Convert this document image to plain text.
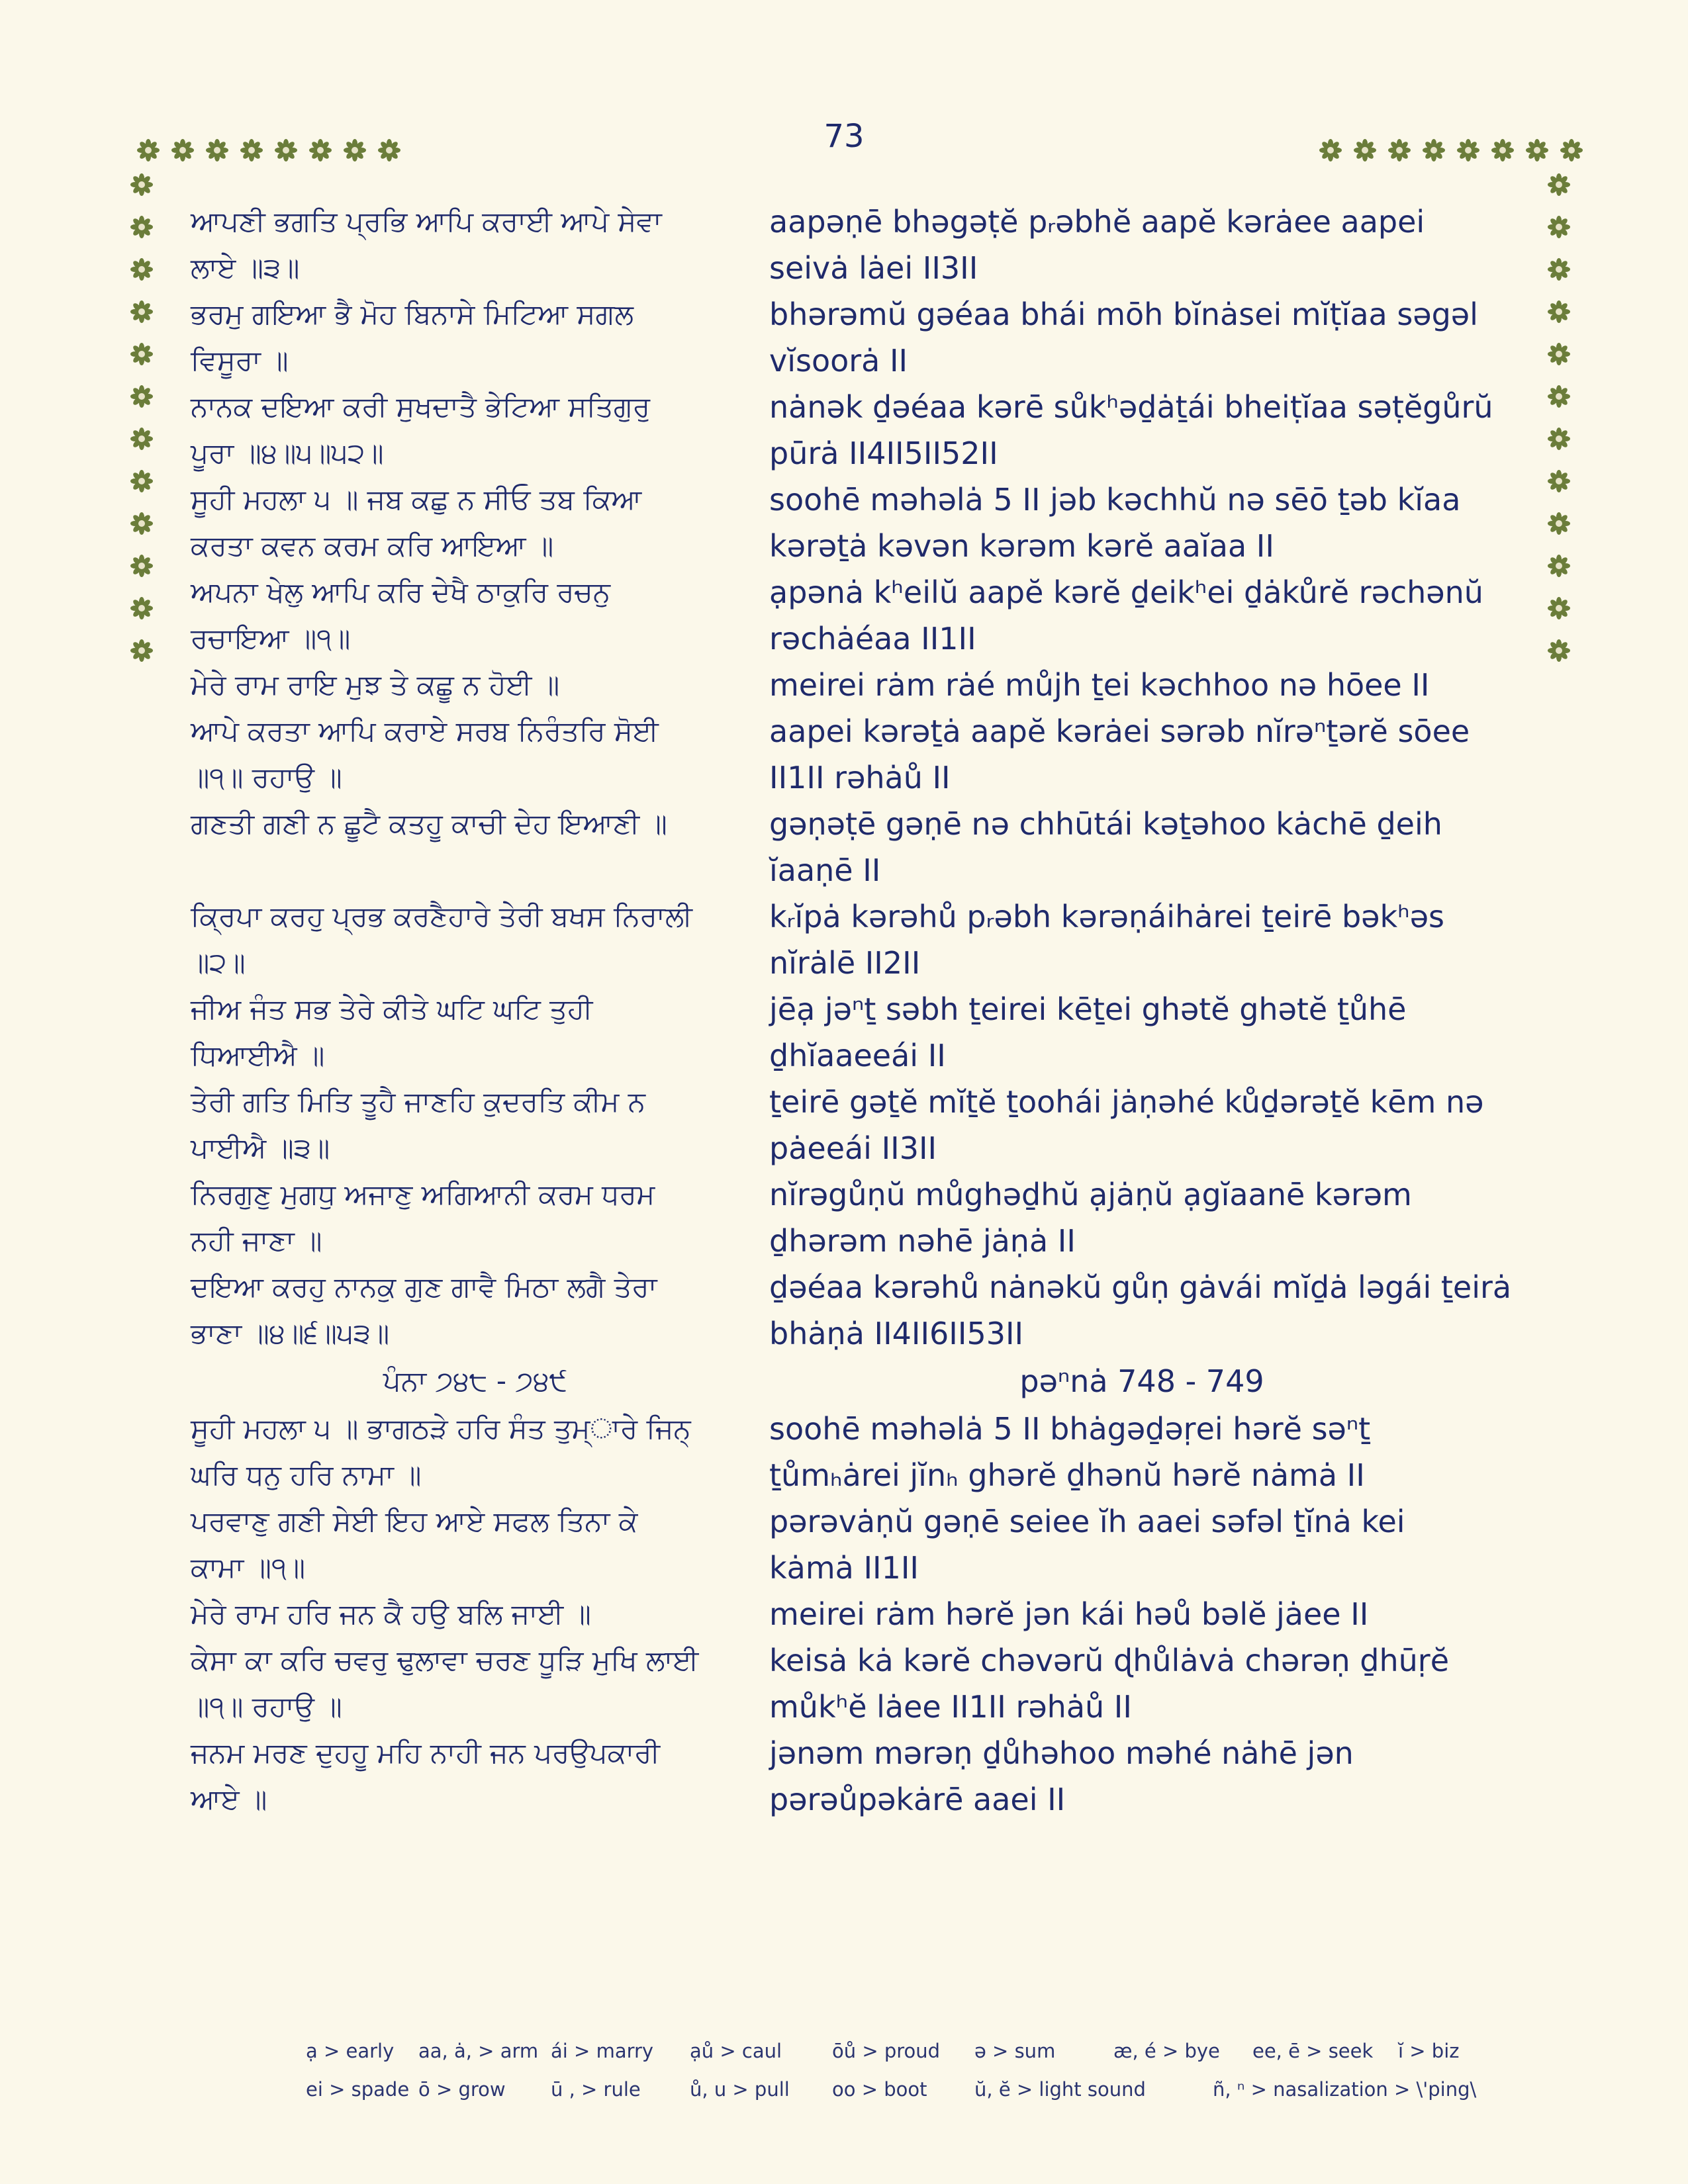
73
ਆਪਣੀ ਭਗਤਿ ਪ੍ਰਭਿ ਆਪਿ ਕਰਾਈ ਆਪੇ ਸੇਵਾ
ਲਾਏ ॥੩॥
aapəṇē bhəgəṭĕ pᵣəbhĕ aapĕ kərȧee aapei
seivȧ lȧei II3II
ਭਰਮੁ ਗਇਆ ਭੈ ਮੋਹ ਬਿਨਾਸੇ ਮਿਟਿਆ ਸਗਲ
ਵਿਸੂਰਾ ॥
bhərəmŭ gəéaa bhái mōh bĭnȧsei mĭṭĭaa səgəl
vĭsoorȧ II
ਨਾਨਕ ਦਇਆ ਕਰੀ ਸੁਖਦਾਤੈ ਭੇਟਿਆ ਸਤਿਗੁਰੁ
ਪੂਰਾ ॥੪॥੫॥੫੨॥
nȧnək ḏəéaa kərē sůkʰəḏȧṯái bheiṭĭaa səṭĕgůrŭ
pūrȧ II4II5II52II
ਸੂਹੀ ਮਹਲਾ ੫ ॥ ਜਬ ਕਛੁ ਨ ਸੀਓ ਤਬ ਕਿਆ
ਕਰਤਾ ਕਵਨ ਕਰਮ ਕਰਿ ਆਇਆ ॥
soohē məhəlȧ 5 II jəb kəchhŭ nə sēō ṯəb kĭaa
kərəṯȧ kəvən kərəm kərĕ aaĭaa II
ਅਪਨਾ ਖੇਲੁ ਆਪਿ ਕਰਿ ਦੇਖੈ ਠਾਕੁਰਿ ਰਚਨੁ
ਰਚਾਇਆ ॥੧॥
ạpənȧ kʰeilŭ aapĕ kərĕ ḏeikʰei ḏȧkůrĕ rəchənŭ
rəchȧéaa II1II
ਮੇਰੇ ਰਾਮ ਰਾਇ ਮੁਝ ਤੇ ਕਛੂ ਨ ਹੋਈ ॥	meirei rȧm rȧé můjh ṯei kəchhoo nə hōee II
ਆਪੇ ਕਰਤਾ ਆਪਿ ਕਰਾਏ ਸਰਬ ਨਿਰੰਤਰਿ ਸੋਈ
॥੧॥ ਰਹਾਉ ॥
aapei kərəṯȧ aapĕ kərȧei sərəb nĭrəⁿṯərĕ sōee
II1II rəhȧů II
ਗਣਤੀ ਗਣੀ ਨ ਛੂਟੈ ਕਤਹੂ ਕਾਚੀ ਦੇਹ ਇਆਣੀ ॥
	gəṇəṭē gəṇē nə chhūtái kəṯəhoo kȧchē ḏeih
ĭaaṇē II
ਕ੍ਰਿਪਾ ਕਰਹੁ ਪ੍ਰਭ ਕਰਣੈਹਾਰੇ ਤੇਰੀ ਬਖਸ ਨਿਰਾਲੀ
॥੨॥
kᵣĭpȧ kərəhů pᵣəbh kərəṇáihȧrei ṯeirē bəkʰəs
nĭrȧlē II2II
ਜੀਅ ਜੰਤ ਸਭ ਤੇਰੇ ਕੀਤੇ ਘਟਿ ਘਟਿ ਤੁਹੀ
ਧਿਆਈਐ ॥
jēạ jəⁿṯ səbh ṯeirei kēṯei ghətĕ ghətĕ ṯůhē
ḏhĭaaeeái II
ਤੇਰੀ ਗਤਿ ਮਿਤਿ ਤੂਹੈ ਜਾਣਹਿ ਕੁਦਰਤਿ ਕੀਮ ਨ
ਪਾਈਐ ॥੩॥
ṯeirē gəṯĕ mĭṯĕ ṯoohái jȧṇəhé kůḏərəṯĕ kēm nə
pȧeeái II3II
ਨਿਰਗੁਣੁ ਮੁਗਧੁ ਅਜਾਣੁ ਅਗਿਆਨੀ ਕਰਮ ਧਰਮ
ਨਹੀ ਜਾਣਾ ॥
nĭrəgůṇŭ můghəḏhŭ ạjȧṇŭ ạgĭaanē kərəm
ḏhərəm nəhē jȧṇȧ II
ਦਇਆ ਕਰਹੁ ਨਾਨਕੁ ਗੁਣ ਗਾਵੈ ਮਿਠਾ ਲਗੈ ਤੇਰਾ
ਭਾਣਾ ॥੪॥੬॥੫੩॥
ḏəéaa kərəhů nȧnəkŭ gůṇ gȧvái mĭḏȧ ləgái ṯeirȧ
bhȧṇȧ II4II6II53II
ਪੰਨਾ ੭੪੮ - ੭੪੯	pəⁿnȧ 748 - 749
ਸੂਹੀ ਮਹਲਾ ੫ ॥ ਭਾਗਠੜੇ ਹਰਿ ਸੰਤ ਤੁਮ੍ਾਰੇ ਜਿਨ੍
ਘਰਿ ਧਨੁ ਹਰਿ ਨਾਮਾ ॥
soohē məhəlȧ 5 II bhȧgəḏəṛei hərĕ səⁿṯ
ṯůmₕȧrei jĭnₕ ghərĕ ḏhənŭ hərĕ nȧmȧ II
ਪਰਵਾਣੁ ਗਣੀ ਸੇਈ ਇਹ ਆਏ ਸਫਲ ਤਿਨਾ ਕੇ
ਕਾਮਾ ॥੧॥
pərəvȧṇŭ gəṇē seiee ĭh aaei səfəl ṯĭnȧ kei
kȧmȧ II1II
ਮੇਰੇ ਰਾਮ ਹਰਿ ਜਨ ਕੈ ਹਉ ਬਲਿ ਜਾਈ ॥	meirei rȧm hərĕ jən kái həů bəlĕ jȧee II
ਕੇਸਾ ਕਾ ਕਰਿ ਚਵਰੁ ਢੁਲਾਵਾ ਚਰਣ ਧੂੜਿ ਮੁਖਿ ਲਾਈ
॥੧॥ ਰਹਾਉ ॥
keisȧ kȧ kərĕ chəvərŭ ɖhůlȧvȧ chərəṇ ḏhūṛĕ
můkʰĕ lȧee II1II rəhȧů II
ਜਨਮ ਮਰਣ ਦੁਹਹੂ ਮਹਿ ਨਾਹੀ ਜਨ ਪਰਉਪਕਾਰੀ
ਆਏ ॥
jənəm mərəṇ ḏůhəhoo məhé nȧhē jən
pərəůpəkȧrē aaei II
ạ > early aa, ȧ, > arm ái > marry ạů > caul	ōů > proud ə > sum	æ, é > bye ee, ē > seek ĭ > biz
ei > spade ō > grow ū , > rule	ů, u > pull oo > boot ŭ, ĕ > light sound	ñ, ⁿ > nasalization > \'ping\
